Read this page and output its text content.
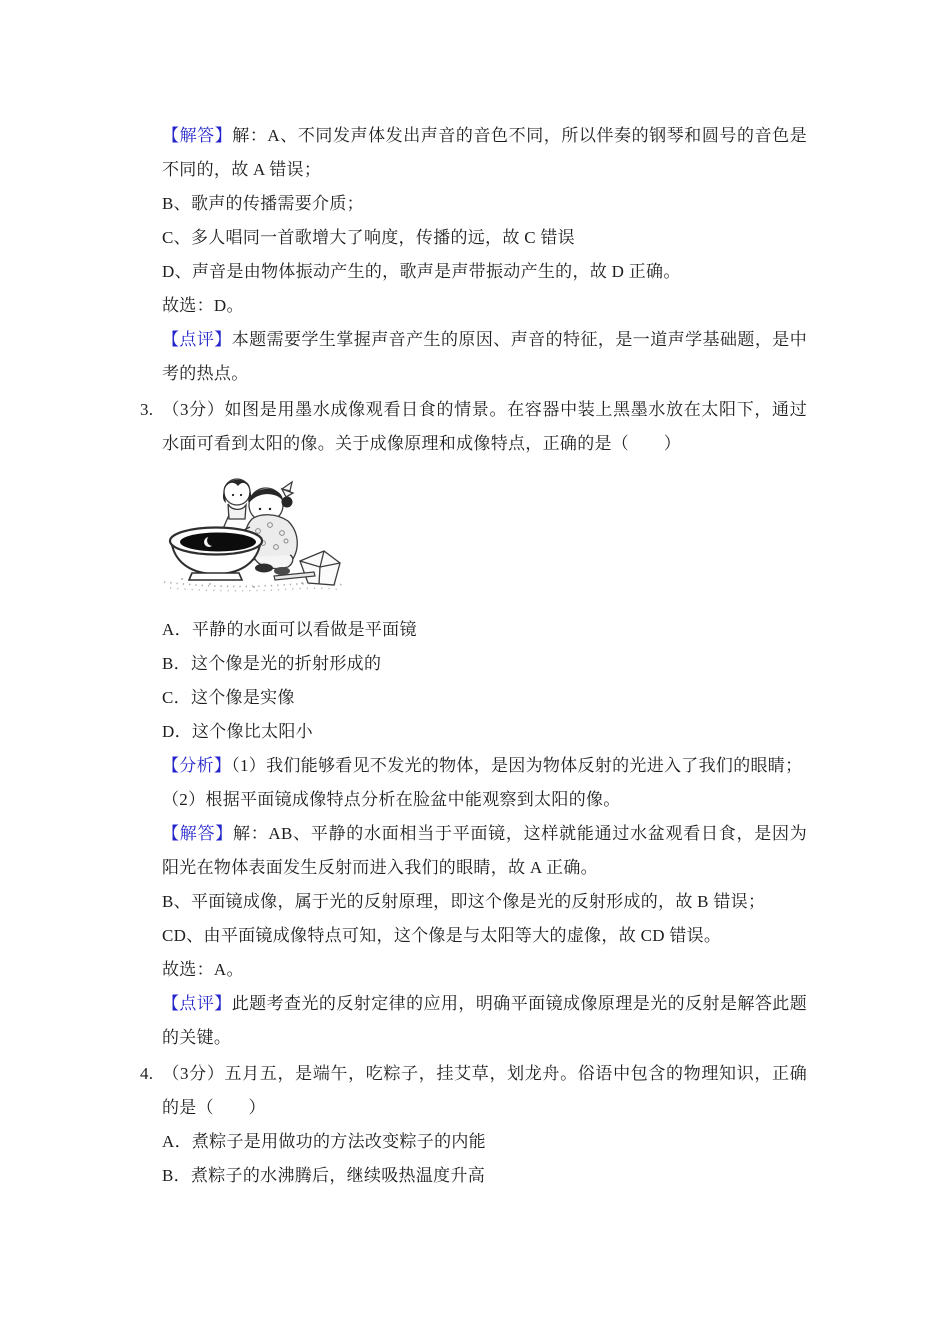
【解答】解：A、不同发声体发出声音的音色不同，所以伴奏的钢琴和圆号的音色是不同的，故 A 错误；

B、歌声的传播需要介质；

C、多人唱同一首歌增大了响度，传播的远，故 C 错误

D、声音是由物体振动产生的，歌声是声带振动产生的，故 D 正确。

故选：D。

【点评】本题需要学生掌握声音产生的原因、声音的特征，是一道声学基础题，是中考的热点。

3. （3分）如图是用墨水成像观看日食的情景。在容器中装上黑墨水放在太阳下，通过水面可看到太阳的像。关于成像原理和成像特点，正确的是（　　）

A．平静的水面可以看做是平面镜

B．这个像是光的折射形成的

C．这个像是实像

D．这个像比太阳小

【分析】（1）我们能够看见不发光的物体，是因为物体反射的光进入了我们的眼睛；

（2）根据平面镜成像特点分析在脸盆中能观察到太阳的像。

【解答】解：AB、平静的水面相当于平面镜，这样就能通过水盆观看日食，是因为阳光在物体表面发生反射而进入我们的眼睛，故 A 正确。

B、平面镜成像，属于光的反射原理，即这个像是光的反射形成的，故 B 错误；

CD、由平面镜成像特点可知，这个像是与太阳等大的虚像，故 CD 错误。

故选：A。

【点评】此题考查光的反射定律的应用，明确平面镜成像原理是光的反射是解答此题的关键。

4. （3分）五月五，是端午，吃粽子，挂艾草，划龙舟。俗语中包含的物理知识，正确的是（　　）

A．煮粽子是用做功的方法改变粽子的内能

B．煮粽子的水沸腾后，继续吸热温度升高
